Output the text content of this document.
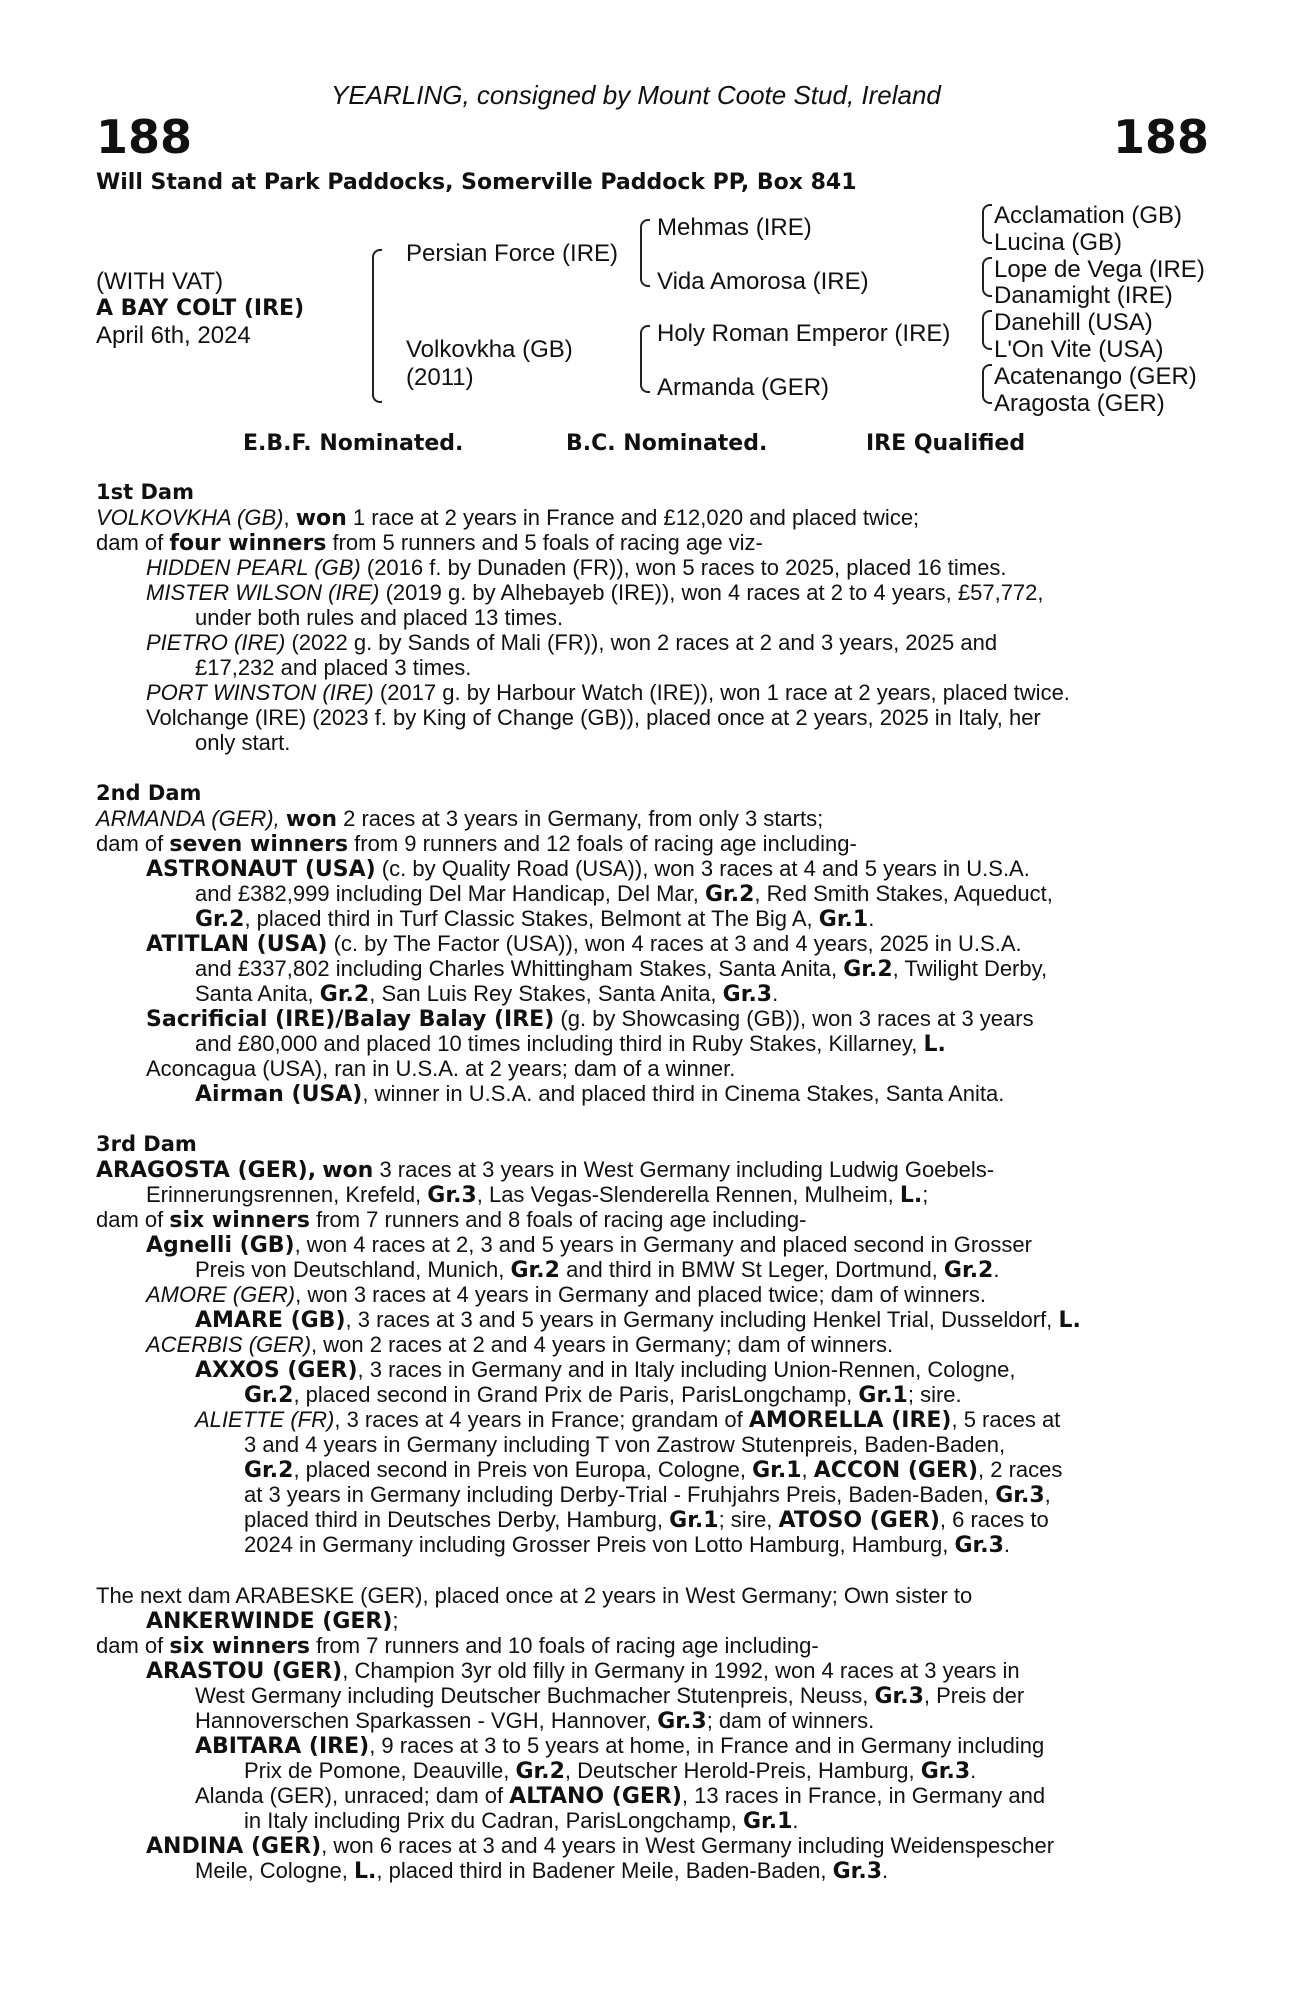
YEARLING, consigned by Mount Coote Stud, Ireland
188	188
Will Stand at Park Paddocks, Somerville Paddock PP, Box 841
(WITH VAT)
A BAY COLT (IRE)
April 6th, 2024
Persian Force (IRE)
Volkovkha (GB)
(2011)
Mehmas (IRE)
Vida Amorosa (IRE)
Holy Roman Emperor (IRE)
Armanda (GER)
Acclamation (GB)
Lucina (GB)
Lope de Vega (IRE)
Danamight (IRE)
Danehill (USA)
L'On Vite (USA)
Acatenango (GER)
Aragosta (GER)
E.B.F. Nominated.	B.C. Nominated.	IRE Qualified
1st Dam
VOLKOVKHA (GB), won 1 race at 2 years in France and £12,020 and placed twice;
dam of four winners from 5 runners and 5 foals of racing age viz-
HIDDEN PEARL (GB) (2016 f. by Dunaden (FR)), won 5 races to 2025, placed 16 times.
MISTER WILSON (IRE) (2019 g. by Alhebayeb (IRE)), won 4 races at 2 to 4 years, £57,772,
under both rules and placed 13 times.
PIETRO (IRE) (2022 g. by Sands of Mali (FR)), won 2 races at 2 and 3 years, 2025 and
£17,232 and placed 3 times.
PORT WINSTON (IRE) (2017 g. by Harbour Watch (IRE)), won 1 race at 2 years, placed twice.
Volchange (IRE) (2023 f. by King of Change (GB)), placed once at 2 years, 2025 in Italy, her
only start.
2nd Dam
ARMANDA (GER), won 2 races at 3 years in Germany, from only 3 starts;
dam of seven winners from 9 runners and 12 foals of racing age including-
ASTRONAUT (USA) (c. by Quality Road (USA)), won 3 races at 4 and 5 years in U.S.A.
and £382,999 including Del Mar Handicap, Del Mar, Gr.2, Red Smith Stakes, Aqueduct,
Gr.2, placed third in Turf Classic Stakes, Belmont at The Big A, Gr.1.
ATITLAN (USA) (c. by The Factor (USA)), won 4 races at 3 and 4 years, 2025 in U.S.A.
and £337,802 including Charles Whittingham Stakes, Santa Anita, Gr.2, Twilight Derby,
Santa Anita, Gr.2, San Luis Rey Stakes, Santa Anita, Gr.3.
Sacrificial (IRE)/Balay Balay (IRE) (g. by Showcasing (GB)), won 3 races at 3 years
and £80,000 and placed 10 times including third in Ruby Stakes, Killarney, L.
Aconcagua (USA), ran in U.S.A. at 2 years; dam of a winner.
Airman (USA), winner in U.S.A. and placed third in Cinema Stakes, Santa Anita.
3rd Dam
ARAGOSTA (GER), won 3 races at 3 years in West Germany including Ludwig Goebels-
Erinnerungsrennen, Krefeld, Gr.3, Las Vegas-Slenderella Rennen, Mulheim, L.;
dam of six winners from 7 runners and 8 foals of racing age including-
Agnelli (GB), won 4 races at 2, 3 and 5 years in Germany and placed second in Grosser
Preis von Deutschland, Munich, Gr.2 and third in BMW St Leger, Dortmund, Gr.2.
AMORE (GER), won 3 races at 4 years in Germany and placed twice; dam of winners.
AMARE (GB), 3 races at 3 and 5 years in Germany including Henkel Trial, Dusseldorf, L.
ACERBIS (GER), won 2 races at 2 and 4 years in Germany; dam of winners.
AXXOS (GER), 3 races in Germany and in Italy including Union-Rennen, Cologne,
Gr.2, placed second in Grand Prix de Paris, ParisLongchamp, Gr.1; sire.
ALIETTE (FR), 3 races at 4 years in France; grandam of AMORELLA (IRE), 5 races at
3 and 4 years in Germany including T von Zastrow Stutenpreis, Baden-Baden,
Gr.2, placed second in Preis von Europa, Cologne, Gr.1, ACCON (GER), 2 races
at 3 years in Germany including Derby-Trial - Fruhjahrs Preis, Baden-Baden, Gr.3,
placed third in Deutsches Derby, Hamburg, Gr.1; sire, ATOSO (GER), 6 races to
2024 in Germany including Grosser Preis von Lotto Hamburg, Hamburg, Gr.3.
The next dam ARABESKE (GER), placed once at 2 years in West Germany; Own sister to
ANKERWINDE (GER);
dam of six winners from 7 runners and 10 foals of racing age including-
ARASTOU (GER), Champion 3yr old filly in Germany in 1992, won 4 races at 3 years in
West Germany including Deutscher Buchmacher Stutenpreis, Neuss, Gr.3, Preis der
Hannoverschen Sparkassen - VGH, Hannover, Gr.3; dam of winners.
ABITARA (IRE), 9 races at 3 to 5 years at home, in France and in Germany including
Prix de Pomone, Deauville, Gr.2, Deutscher Herold-Preis, Hamburg, Gr.3.
Alanda (GER), unraced; dam of ALTANO (GER), 13 races in France, in Germany and
in Italy including Prix du Cadran, ParisLongchamp, Gr.1.
ANDINA (GER), won 6 races at 3 and 4 years in West Germany including Weidenspescher
Meile, Cologne, L., placed third in Badener Meile, Baden-Baden, Gr.3.
